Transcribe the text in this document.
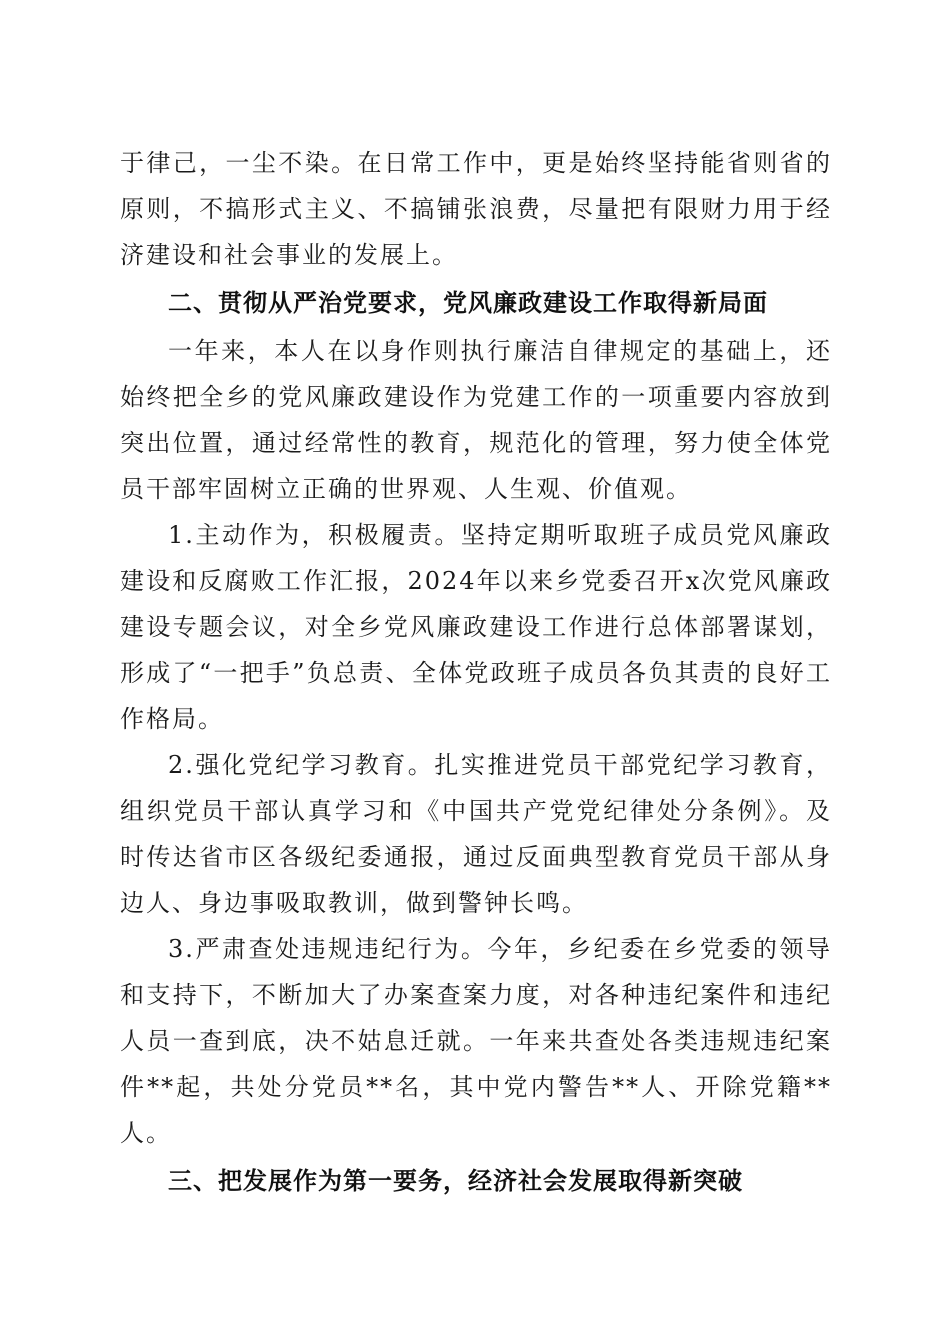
于律己，一尘不染。在日常工作中，更是始终坚持能省则省的原则，不搞形式主义、不搞铺张浪费，尽量把有限财力用于经济建设和社会事业的发展上。

二、贯彻从严治党要求，党风廉政建设工作取得新局面

一年来，本人在以身作则执行廉洁自律规定的基础上，还始终把全乡的党风廉政建设作为党建工作的一项重要内容放到突出位置，通过经常性的教育，规范化的管理，努力使全体党员干部牢固树立正确的世界观、人生观、价值观。

1.主动作为，积极履责。坚持定期听取班子成员党风廉政建设和反腐败工作汇报，2024年以来乡党委召开x次党风廉政建设专题会议，对全乡党风廉政建设工作进行总体部署谋划，形成了“一把手”负总责、全体党政班子成员各负其责的良好工作格局。

2.强化党纪学习教育。扎实推进党员干部党纪学习教育，组织党员干部认真学习和《中国共产党党纪律处分条例》。及时传达省市区各级纪委通报，通过反面典型教育党员干部从身边人、身边事吸取教训，做到警钟长鸣。

3.严肃查处违规违纪行为。今年，乡纪委在乡党委的领导和支持下，不断加大了办案查案力度，对各种违纪案件和违纪人员一查到底，决不姑息迁就。一年来共查处各类违规违纪案件**起，共处分党员**名，其中党内警告**人、开除党籍**人。

三、把发展作为第一要务，经济社会发展取得新突破
